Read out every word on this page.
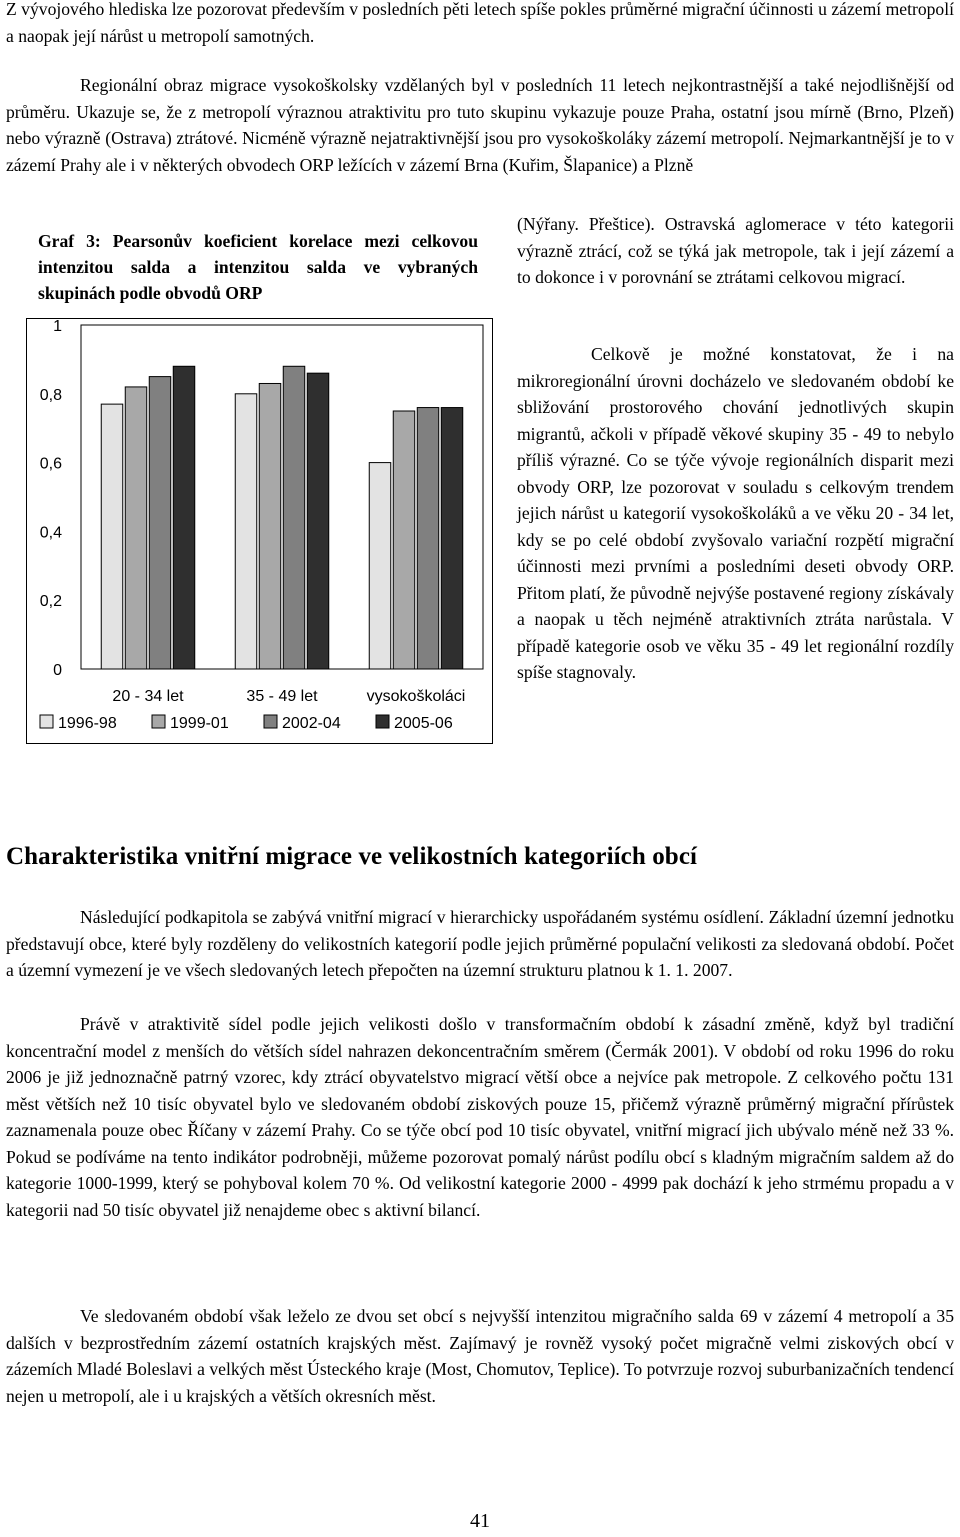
Z vývojového hlediska lze pozorovat především v posledních pěti letech spíše pokles průměrné migrační účinnosti u zázemí metropolí a naopak její nárůst u metropolí samotných.

Regionální obraz migrace vysokoškolsky vzdělaných byl v posledních 11 letech nejkontrastnější a také nejodlišnější od průměru. Ukazuje se, že z metropolí výraznou atraktivitu pro tuto skupinu vykazuje pouze Praha, ostatní jsou mírně (Brno, Plzeň) nebo výrazně (Ostrava) ztrátové. Nicméně výrazně nejatraktivnější jsou pro vysokoškoláky zázemí metropolí. Nejmarkantnější je to v zázemí Prahy ale i v některých obvodech ORP ležících v zázemí Brna (Kuřim, Šlapanice) a Plzně

(Nýřany. Přeštice). Ostravská aglomerace v této kategorii výrazně ztrácí, což se týká jak metropole, tak i její zázemí a to dokonce i v porovnání se ztrátami celkovou migrací.

Graf 3: Pearsonův koeficient korelace mezi celkovou intenzitou salda a intenzitou salda ve vybraných skupinách podle obvodů ORP

0
0,2
0,4
0,6
0,8
1
20 - 34 let	35 - 49 let	vysokoškoláci
1996-98	1999-01	2002-04	2005-06

Celkově je možné konstatovat, že i na mikroregionální úrovni docházelo ve sledovaném období ke sbližování prostorového chování jednotlivých skupin migrantů, ačkoli v případě věkové skupiny 35 - 49 to nebylo příliš výrazné. Co se týče vývoje regionálních disparit mezi obvody ORP, lze pozorovat v souladu s celkovým trendem jejich nárůst u kategorií vysokoškoláků a ve věku 20 - 34 let, kdy se po celé období zvyšovalo variační rozpětí migrační účinnosti mezi prvními a posledními deseti obvody ORP. Přitom platí, že původně nejvýše postavené regiony získávaly a naopak u těch nejméně atraktivních ztráta narůstala. V případě kategorie osob ve věku 35 - 49 let regionální rozdíly spíše stagnovaly.

Charakteristika vnitřní migrace ve velikostních kategoriích obcí

Následující podkapitola se zabývá vnitřní migrací v hierarchicky uspořádaném systému osídlení. Základní územní jednotku představují obce, které byly rozděleny do velikostních kategorií podle jejich průměrné populační velikosti za sledovaná období. Počet a územní vymezení je ve všech sledovaných letech přepočten na územní strukturu platnou k 1. 1. 2007.

Právě v atraktivitě sídel podle jejich velikosti došlo v transformačním období k zásadní změně, když byl tradiční koncentrační model z menších do větších sídel nahrazen dekoncentračním směrem (Čermák 2001). V období od roku 1996 do roku 2006 je již jednoznačně patrný vzorec, kdy ztrácí obyvatelstvo migrací větší obce a nejvíce pak metropole. Z celkového počtu 131 měst větších než 10 tisíc obyvatel bylo ve sledovaném období ziskových pouze 15, přičemž výrazně průměrný migrační přírůstek zaznamenala pouze obec Říčany v zázemí Prahy. Co se týče obcí pod 10 tisíc obyvatel, vnitřní migrací jich ubývalo méně než 33 %. Pokud se podíváme na tento indikátor podrobněji, můžeme pozorovat pomalý nárůst podílu obcí s kladným migračním saldem až do kategorie 1000-1999, který se pohyboval kolem 70 %. Od velikostní kategorie 2000 - 4999 pak dochází k jeho strmému propadu a v kategorii nad 50 tisíc obyvatel již nenajdeme obec s aktivní bilancí.

Ve sledovaném období však leželo ze dvou set obcí s nejvyšší intenzitou migračního salda 69 v zázemí 4 metropolí a 35 dalších v bezprostředním zázemí ostatních krajských měst. Zajímavý je rovněž vysoký počet migračně velmi ziskových obcí v zázemích Mladé Boleslavi a velkých měst Ústeckého kraje (Most, Chomutov, Teplice). To potvrzuje rozvoj suburbanizačních tendencí nejen u metropolí, ale i u krajských a větších okresních měst.

41
